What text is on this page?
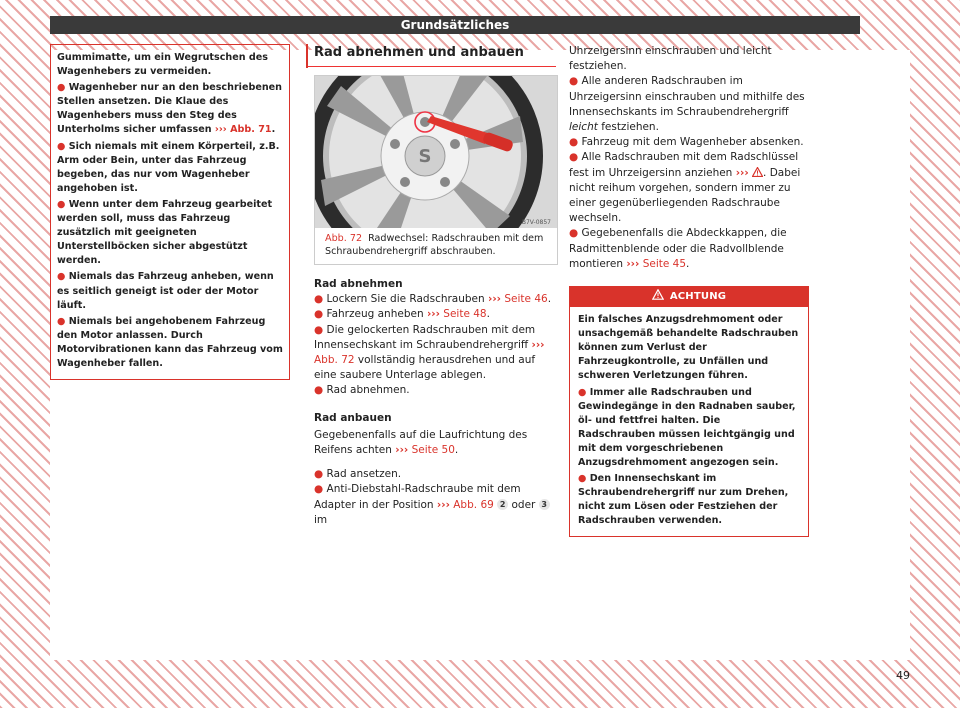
Grundsätzliches

Gummimatte, um ein Wegrutschen des Wagenhebers zu vermeiden.

● Wagenheber nur an den beschriebenen Stellen ansetzen. Die Klaue des Wagenhebers muss den Steg des Unterholms sicher umfassen ››› Abb. 71.

● Sich niemals mit einem Körperteil, z.B. Arm oder Bein, unter das Fahrzeug begeben, das nur vom Wagenheber angehoben ist.

● Wenn unter dem Fahrzeug gearbeitet werden soll, muss das Fahrzeug zusätzlich mit geeigneten Unterstellböcken sicher abgestützt werden.

● Niemals das Fahrzeug anheben, wenn es seitlich geneigt ist oder der Motor läuft.

● Niemals bei angehobenem Fahrzeug den Motor anlassen. Durch Motorvibrationen kann das Fahrzeug vom Wagenheber fallen.

Rad abnehmen und anbauen
S
B7V-0857
Abb. 72 Radwechsel: Radschrauben mit dem Schraubendrehergriff abschrauben.

Rad abnehmen

● Lockern Sie die Radschrauben ››› Seite 46.

● Fahrzeug anheben ››› Seite 48.

● Die gelockerten Radschrauben mit dem Innensechskant im Schraubendrehergriff ››› Abb. 72 vollständig herausdrehen und auf eine saubere Unterlage ablegen.

● Rad abnehmen.

Rad anbauen

Gegebenenfalls auf die Laufrichtung des Reifens achten ››› Seite 50.

● Rad ansetzen.

● Anti-Diebstahl-Radschraube mit dem Adapter in der Position ››› Abb. 69 2 oder 3 im

Uhrzeigersinn einschrauben und leicht festziehen.

● Alle anderen Radschrauben im Uhrzeigersinn einschrauben und mithilfe des Innensechskants im Schraubendrehergriff leicht festziehen.

● Fahrzeug mit dem Wagenheber absenken.

● Alle Radschrauben mit dem Radschlüssel fest im Uhrzeigersinn anziehen ››› . Dabei nicht reihum vorgehen, sondern immer zu einer gegenüberliegenden Radschraube wechseln.

● Gegebenenfalls die Abdeckkappen, die Radmittenblende oder die Radvollblende montieren ››› Seite 45.

ACHTUNG

Ein falsches Anzugsdrehmoment oder unsachgemäß behandelte Radschrauben können zum Verlust der Fahrzeugkontrolle, zu Unfällen und schweren Verletzungen führen.

● Immer alle Radschrauben und Gewindegänge in den Radnaben sauber, öl- und fettfrei halten. Die Radschrauben müssen leichtgängig und mit dem vorgeschriebenen Anzugsdrehmoment angezogen sein.

● Den Innensechskant im Schraubendrehergriff nur zum Drehen, nicht zum Lösen oder Festziehen der Radschrauben verwenden.

49
